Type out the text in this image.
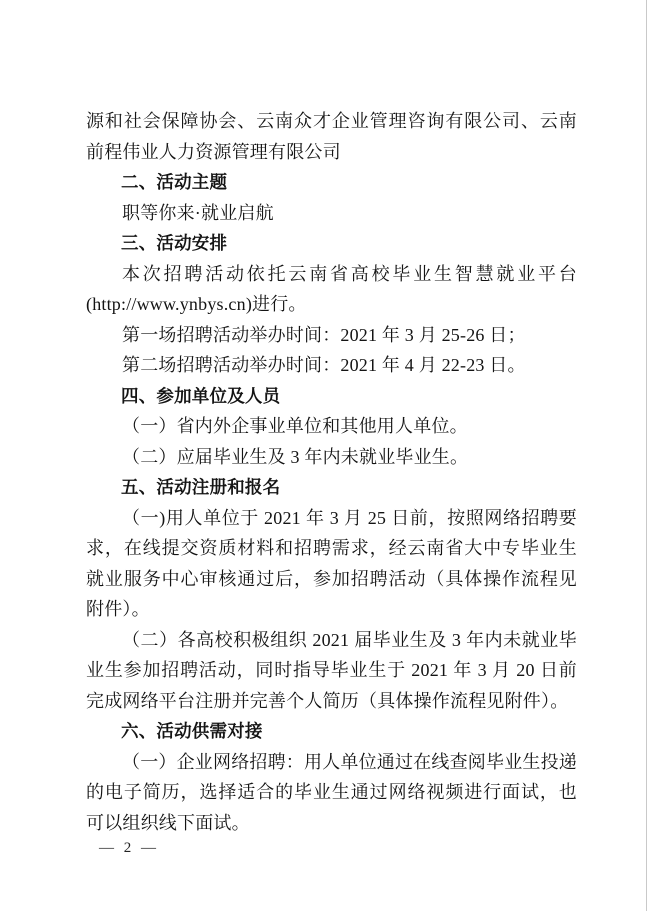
源和社会保障协会、云南众才企业管理咨询有限公司、云南前程伟业人力资源管理有限公司

二、活动主题

职等你来·就业启航

三、活动安排

本次招聘活动依托云南省高校毕业生智慧就业平台(http://www.ynbys.cn)进行。

第一场招聘活动举办时间：2021 年 3 月 25-26 日；

第二场招聘活动举办时间：2021 年 4 月 22-23 日。

四、参加单位及人员

（一）省内外企事业单位和其他用人单位。

（二）应届毕业生及 3 年内未就业毕业生。

五、活动注册和报名

（一)用人单位于 2021 年 3 月 25 日前，按照网络招聘要求，在线提交资质材料和招聘需求，经云南省大中专毕业生就业服务中心审核通过后，参加招聘活动（具体操作流程见附件）。

（二）各高校积极组织 2021 届毕业生及 3 年内未就业毕业生参加招聘活动，同时指导毕业生于 2021 年 3 月 20 日前完成网络平台注册并完善个人简历（具体操作流程见附件）。

六、活动供需对接

（一）企业网络招聘：用人单位通过在线查阅毕业生投递的电子简历，选择适合的毕业生通过网络视频进行面试，也可以组织线下面试。

— 2 —
